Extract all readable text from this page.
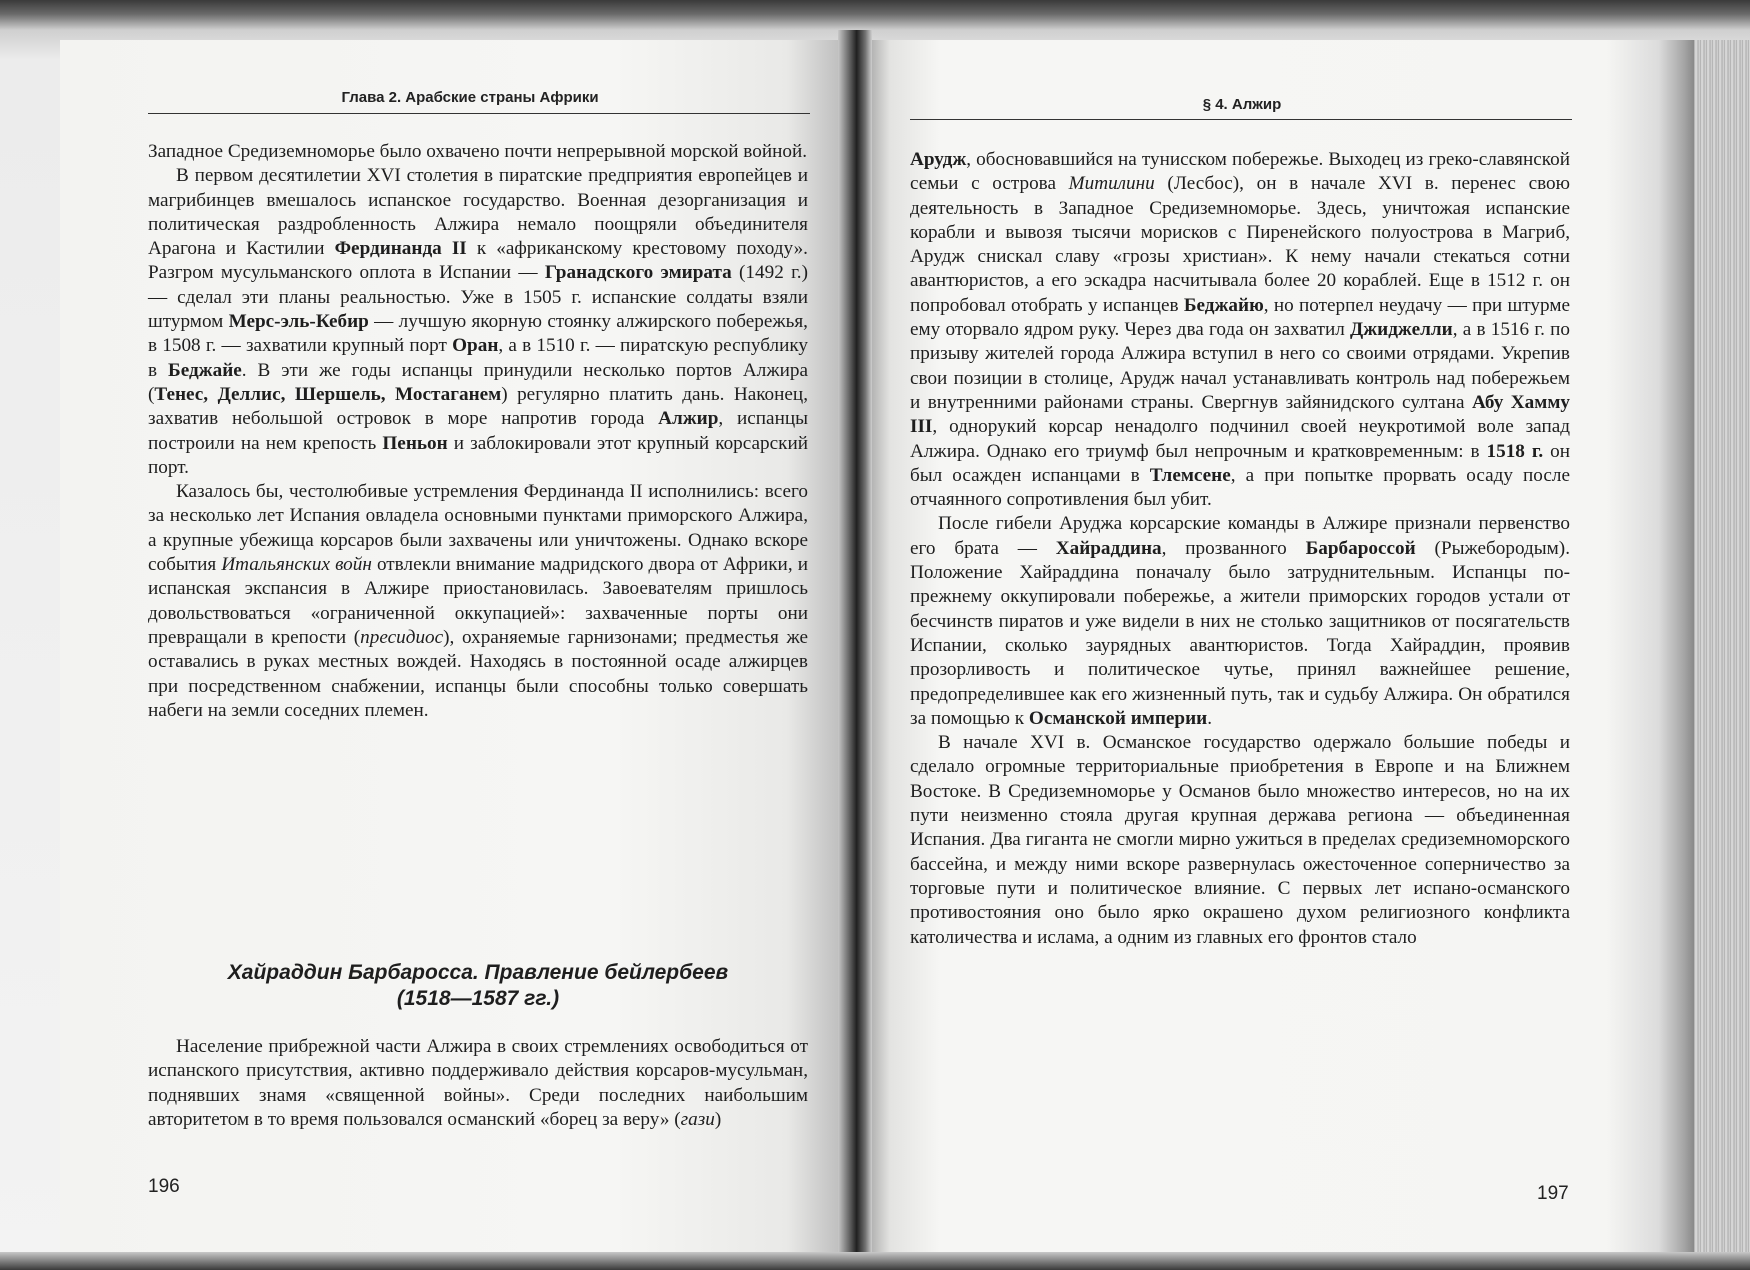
Глава 2. Арабские страны Африки

Западное Средиземноморье было охвачено почти непрерывной морской войной.

В первом десятилетии XVI столетия в пиратские предприятия европейцев и магрибинцев вмешалось испанское государство. Военная дезорганизация и политическая раздробленность Алжира немало поощряли объединителя Арагона и Кастилии Фердинанда II к «африканскому крестовому походу». Разгром мусульманского оплота в Испании — Гранадского эмирата (1492 г.) — сделал эти планы реальностью. Уже в 1505 г. испанские солдаты взяли штурмом Мерс-эль-Кебир — лучшую якорную стоянку алжирского побережья, в 1508 г. — захватили крупный порт Оран, а в 1510 г. — пиратскую республику в Беджайе. В эти же годы испанцы принудили несколько портов Алжира (Тенес, Деллис, Шершель, Мостаганем) регулярно платить дань. Наконец, захватив небольшой островок в море напротив города Алжир, испанцы построили на нем крепость Пеньон и заблокировали этот крупный корсарский порт.

Казалось бы, честолюбивые устремления Фердинанда II исполнились: всего за несколько лет Испания овладела основными пунктами приморского Алжира, а крупные убежища корсаров были захвачены или уничтожены. Однако вскоре события Итальянских войн отвлекли внимание мадридского двора от Африки, и испанская экспансия в Алжире приостановилась. Завоевателям пришлось довольствоваться «ограниченной оккупацией»: захваченные порты они превращали в крепости (пресидиос), охраняемые гарнизонами; предместья же оставались в руках местных вождей. Находясь в постоянной осаде алжирцев при посредственном снабжении, испанцы были способны только совершать набеги на земли соседних племен.

Хайраддин Барбаросса. Правление бейлербеев
(1518—1587 гг.)

Население прибрежной части Алжира в своих стремлениях освободиться от испанского присутствия, активно поддерживало действия корсаров-мусульман, поднявших знамя «священной войны». Среди последних наибольшим авторитетом в то время пользовался османский «борец за веру» (гази)

196
§ 4. Алжир

Арудж, обосновавшийся на тунисском побережье. Выходец из греко-славянской семьи с острова Митилини (Лесбос), он в начале XVI в. перенес свою деятельность в Западное Средиземноморье. Здесь, уничтожая испанские корабли и вывозя тысячи морисков с Пиренейского полуострова в Магриб, Арудж снискал славу «грозы христиан». К нему начали стекаться сотни авантюристов, а его эскадра насчитывала более 20 кораблей. Еще в 1512 г. он попробовал отобрать у испанцев Беджайю, но потерпел неудачу — при штурме ему оторвало ядром руку. Через два года он захватил Джиджелли, а в 1516 г. по призыву жителей города Алжира вступил в него со своими отрядами. Укрепив свои позиции в столице, Арудж начал устанавливать контроль над побережьем и внутренними районами страны. Свергнув зайянидского султана Абу Хамму III, однорукий корсар ненадолго подчинил своей неукротимой воле запад Алжира. Однако его триумф был непрочным и кратковременным: в 1518 г. он был осажден испанцами в Тлемсене, а при попытке прорвать осаду после отчаянного сопротивления был убит.

После гибели Аруджа корсарские команды в Алжире признали первенство его брата — Хайраддина, прозванного Барбароссой (Рыжебородым). Положение Хайраддина поначалу было затруднительным. Испанцы по-прежнему оккупировали побережье, а жители приморских городов устали от бесчинств пиратов и уже видели в них не столько защитников от посягательств Испании, сколько заурядных авантюристов. Тогда Хайраддин, проявив прозорливость и политическое чутье, принял важнейшее решение, предопределившее как его жизненный путь, так и судьбу Алжира. Он обратился за помощью к Османской империи.

В начале XVI в. Османское государство одержало большие победы и сделало огромные территориальные приобретения в Европе и на Ближнем Востоке. В Средиземноморье у Османов было множество интересов, но на их пути неизменно стояла другая крупная держава региона — объединенная Испания. Два гиганта не смогли мирно ужиться в пределах средиземноморского бассейна, и между ними вскоре развернулась ожесточенное соперничество за торговые пути и политическое влияние. С первых лет испано-османского противостояния оно было ярко окрашено духом религиозного конфликта католичества и ислама, а одним из главных его фронтов стало

197
